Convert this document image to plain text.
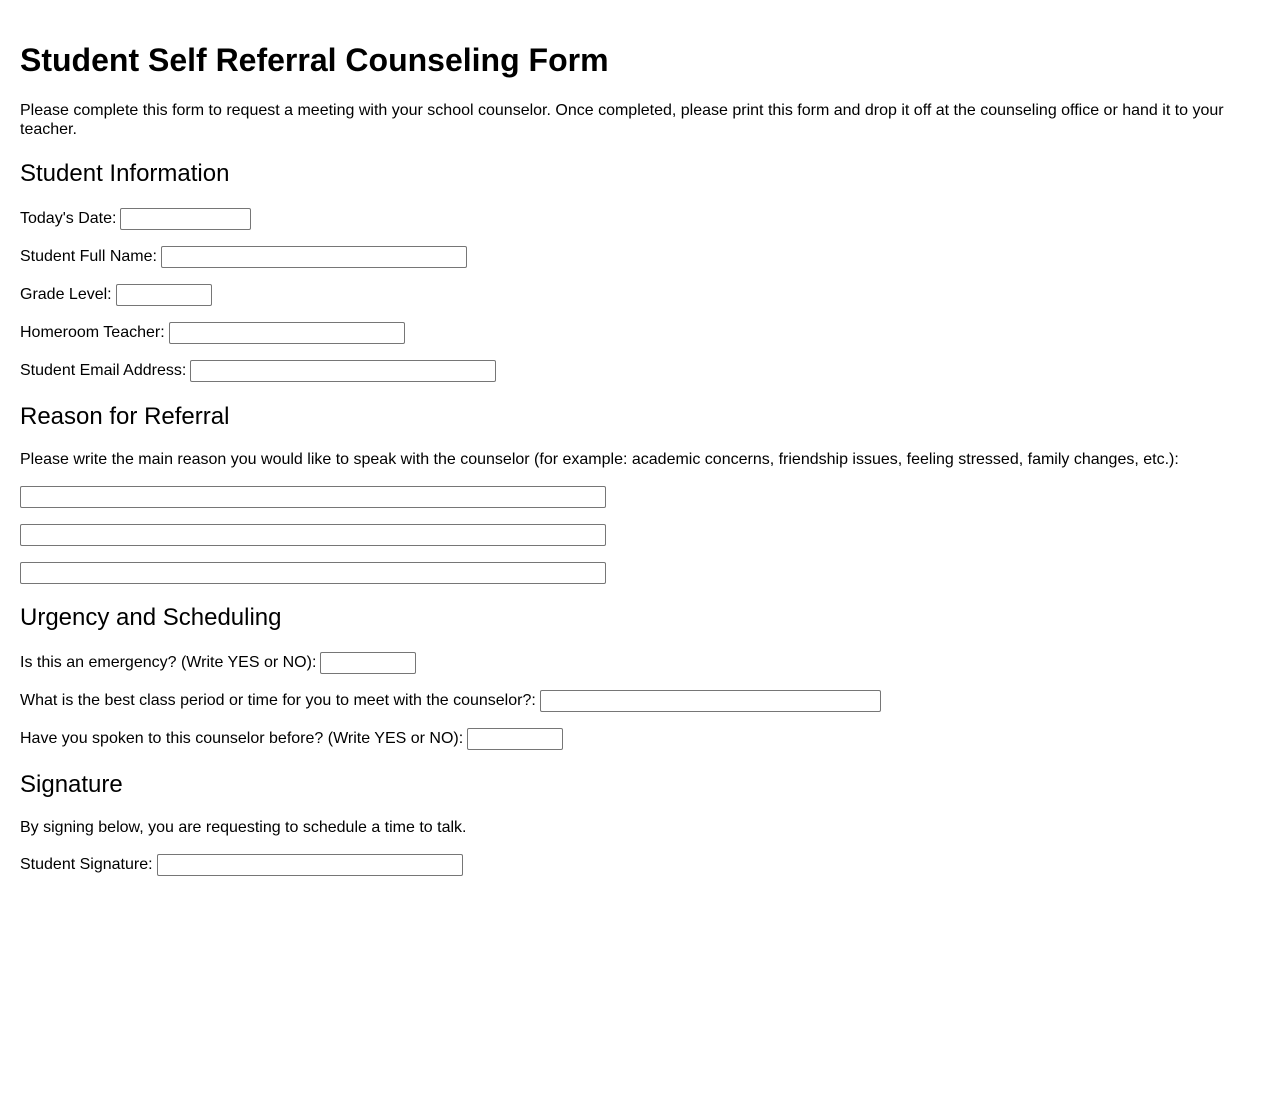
Student Self Referral Counseling Form

Please complete this form to request a meeting with your school counselor. Once completed, please print this form and drop it off at the counseling office or hand it to your teacher.

Student Information
Today's Date:
Student Full Name:
Grade Level:
Homeroom Teacher:
Student Email Address:
Reason for Referral

Please write the main reason you would like to speak with the counselor (for example: academic concerns, friendship issues, feeling stressed, family changes, etc.):

Urgency and Scheduling
Is this an emergency? (Write YES or NO):
What is the best class period or time for you to meet with the counselor?:
Have you spoken to this counselor before? (Write YES or NO):
Signature

By signing below, you are requesting to schedule a time to talk.

Student Signature:
